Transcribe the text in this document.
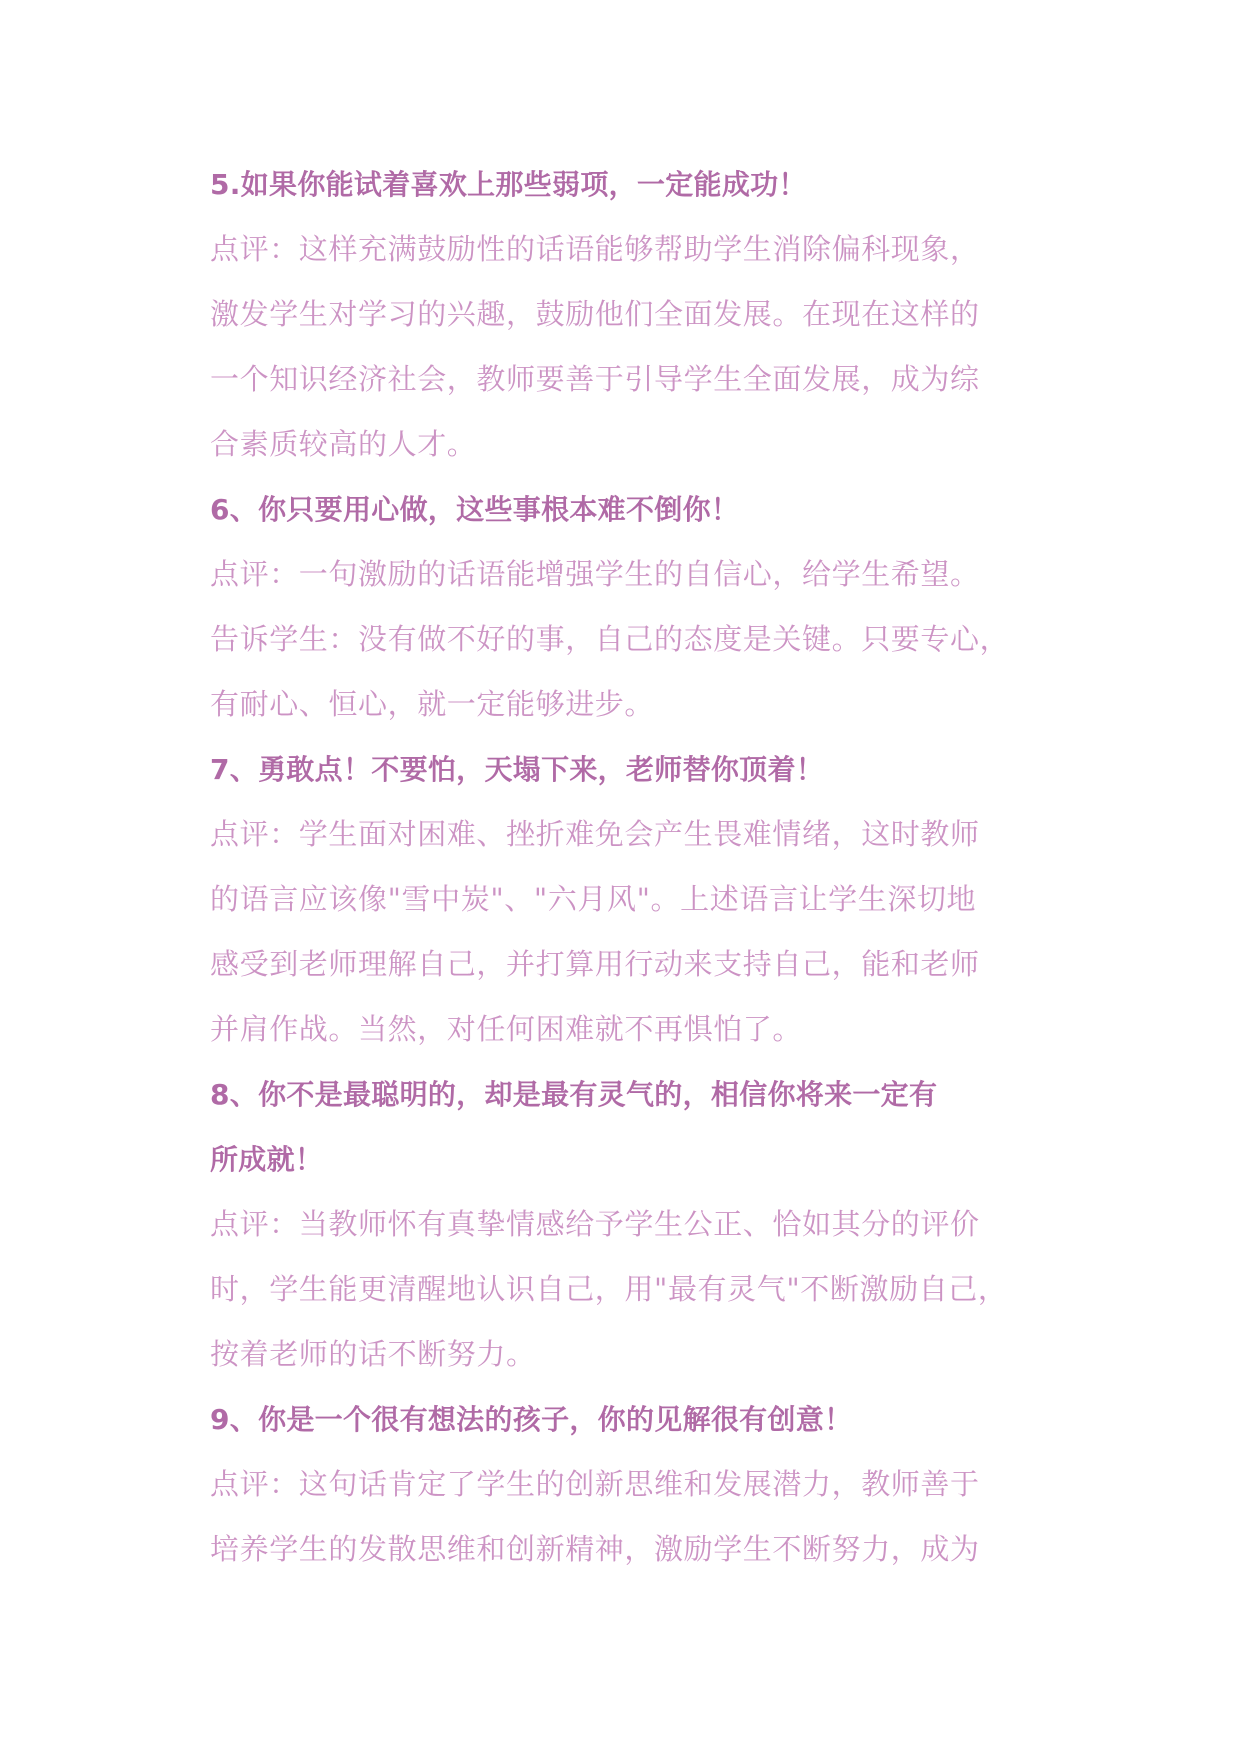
5.如果你能试着喜欢上那些弱项，一定能成功！
点评：这样充满鼓励性的话语能够帮助学生消除偏科现象，
激发学生对学习的兴趣，鼓励他们全面发展。在现在这样的
一个知识经济社会，教师要善于引导学生全面发展，成为综
合素质较高的人才。
6、你只要用心做，这些事根本难不倒你！
点评：一句激励的话语能增强学生的自信心，给学生希望。
告诉学生：没有做不好的事，自己的态度是关键。只要专心，
有耐心、恒心，就一定能够进步。
7、勇敢点！不要怕，天塌下来，老师替你顶着！
点评：学生面对困难、挫折难免会产生畏难情绪，这时教师
的语言应该像"雪中炭"、"六月风"。上述语言让学生深切地
感受到老师理解自己，并打算用行动来支持自己，能和老师
并肩作战。当然，对任何困难就不再惧怕了。
8、你不是最聪明的，却是最有灵气的，相信你将来一定有
所成就！
点评：当教师怀有真挚情感给予学生公正、恰如其分的评价
时，学生能更清醒地认识自己，用"最有灵气"不断激励自己，
按着老师的话不断努力。
9、你是一个很有想法的孩子，你的见解很有创意！
点评：这句话肯定了学生的创新思维和发展潜力，教师善于
培养学生的发散思维和创新精神，激励学生不断努力，成为
